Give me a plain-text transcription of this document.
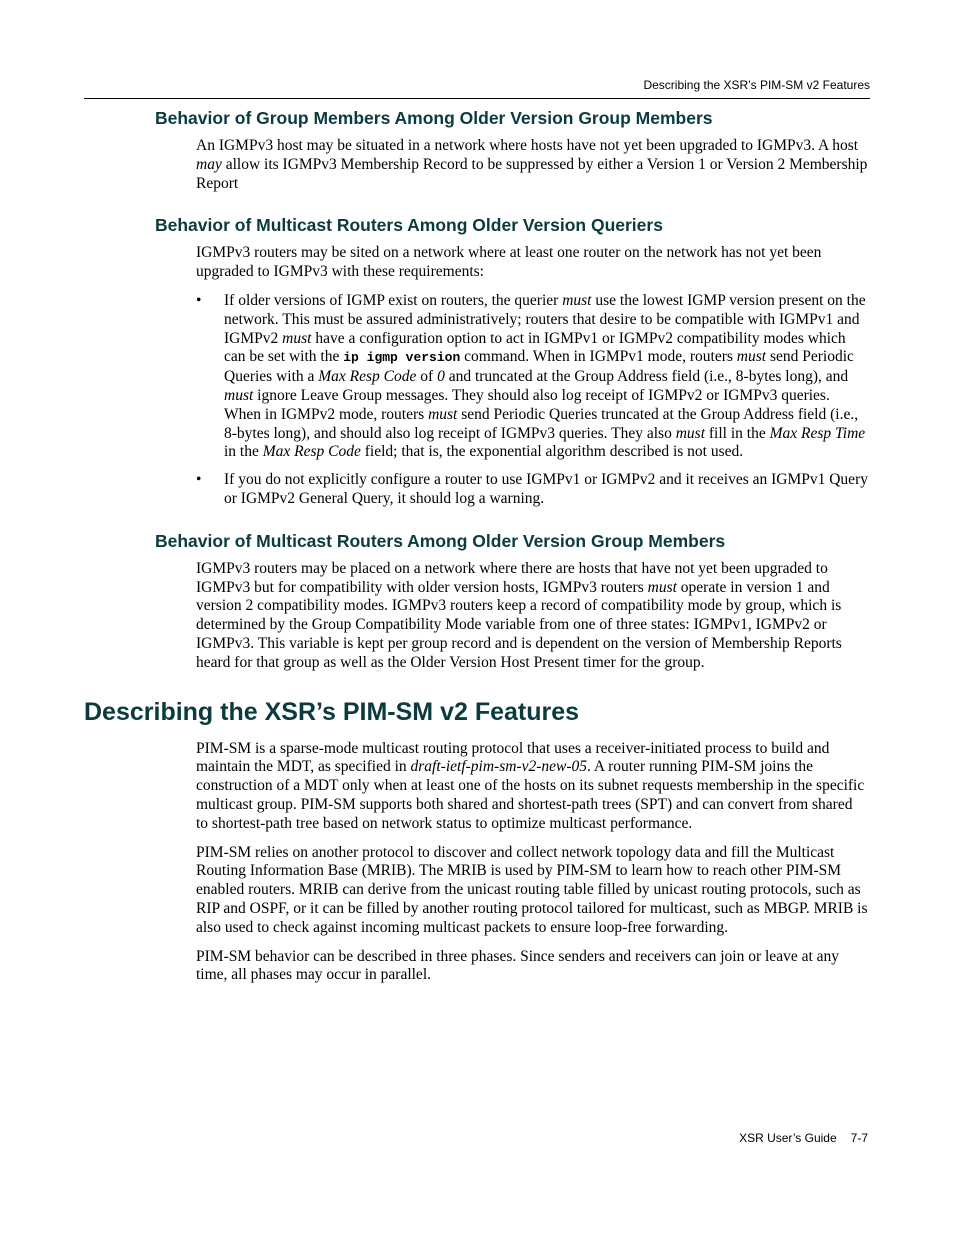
Describing the XSR’s PIM-SM v2 Features
Behavior of Group Members Among Older Version Group Members

An IGMPv3 host may be situated in a network where hosts have not yet been upgraded to IGMPv3. A host may allow its IGMPv3 Membership Record to be suppressed by either a Version 1 or Version 2 Membership Report

Behavior of Multicast Routers Among Older Version Queriers

IGMPv3 routers may be sited on a network where at least one router on the network has not yet been upgraded to IGMPv3 with these requirements:

• If older versions of IGMP exist on routers, the querier must use the lowest IGMP version present on the network. This must be assured administratively; routers that desire to be compatible with IGMPv1 and IGMPv2 must have a configuration option to act in IGMPv1 or IGMPv2 compatibility modes which can be set with the ip igmp version command. When in IGMPv1 mode, routers must send Periodic Queries with a Max Resp Code of 0 and truncated at the Group Address field (i.e., 8-bytes long), and must ignore Leave Group messages. They should also log receipt of IGMPv2 or IGMPv3 queries. When in IGMPv2 mode, routers must send Periodic Queries truncated at the Group Address field (i.e., 8-bytes long), and should also log receipt of IGMPv3 queries. They also must fill in the Max Resp Time in the Max Resp Code field; that is, the exponential algorithm described is not used.
• If you do not explicitly configure a router to use IGMPv1 or IGMPv2 and it receives an IGMPv1 Query or IGMPv2 General Query, it should log a warning.
Behavior of Multicast Routers Among Older Version Group Members

IGMPv3 routers may be placed on a network where there are hosts that have not yet been upgraded to IGMPv3 but for compatibility with older version hosts, IGMPv3 routers must operate in version 1 and version 2 compatibility modes. IGMPv3 routers keep a record of compatibility mode by group, which is determined by the Group Compatibility Mode variable from one of three states: IGMPv1, IGMPv2 or IGMPv3. This variable is kept per group record and is dependent on the version of Membership Reports heard for that group as well as the Older Version Host Present timer for the group.

Describing the XSR’s PIM-SM v2 Features

PIM-SM is a sparse-mode multicast routing protocol that uses a receiver-initiated process to build and maintain the MDT, as specified in draft-ietf-pim-sm-v2-new-05. A router running PIM-SM joins the construction of a MDT only when at least one of the hosts on its subnet requests membership in the specific multicast group. PIM-SM supports both shared and shortest-path trees (SPT) and can convert from shared to shortest-path tree based on network status to optimize multicast performance.

PIM-SM relies on another protocol to discover and collect network topology data and fill the Multicast Routing Information Base (MRIB). The MRIB is used by PIM-SM to learn how to reach other PIM-SM enabled routers. MRIB can derive from the unicast routing table filled by unicast routing protocols, such as RIP and OSPF, or it can be filled by another routing protocol tailored for multicast, such as MBGP. MRIB is also used to check against incoming multicast packets to ensure loop-free forwarding.

PIM-SM behavior can be described in three phases. Since senders and receivers can join or leave at any time, all phases may occur in parallel.

XSR User’s Guide 7-7
